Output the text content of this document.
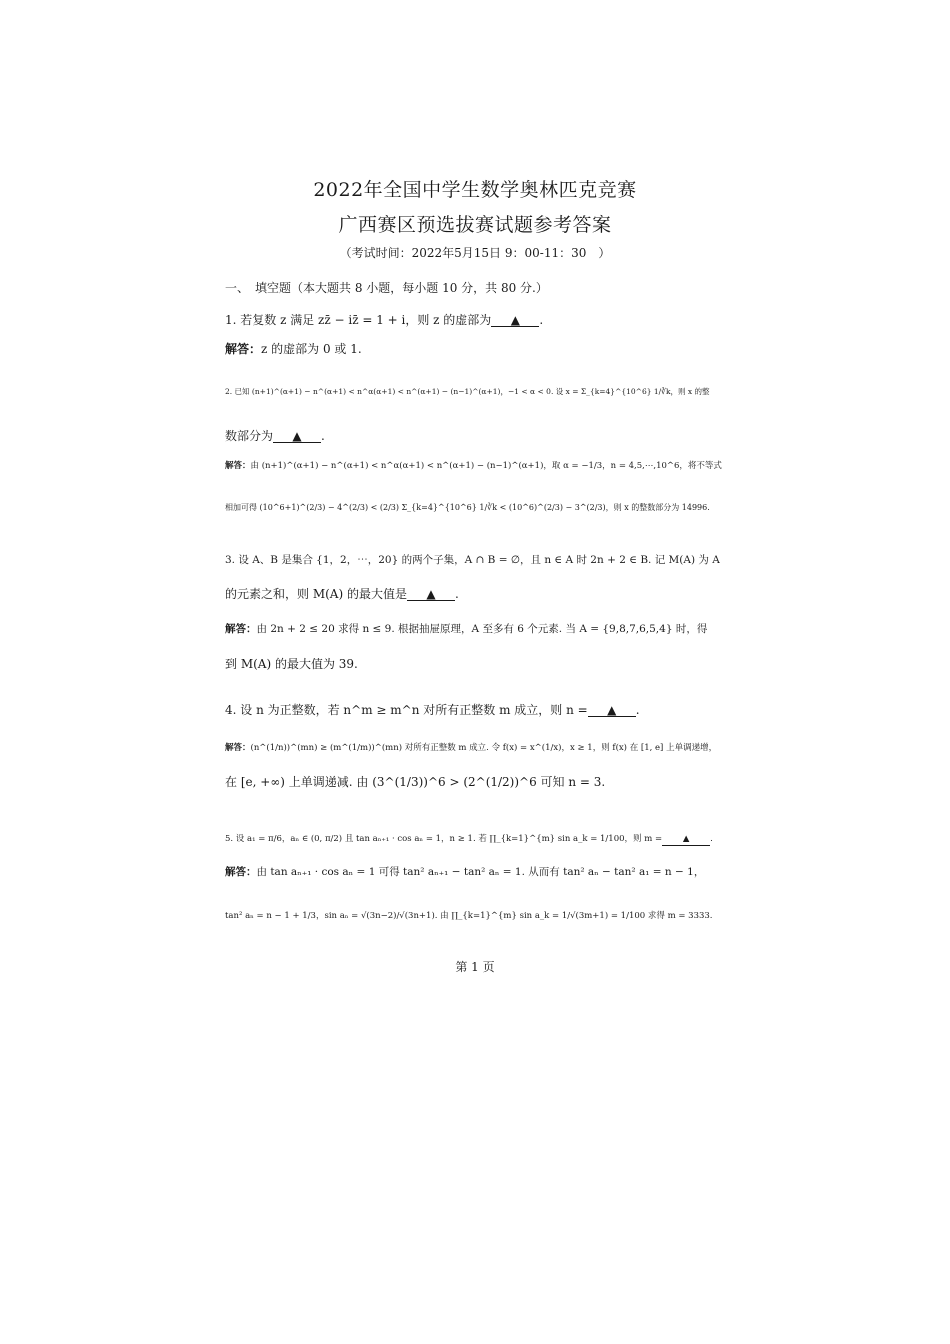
2022年全国中学生数学奥林匹克竞赛
广西赛区预选拔赛试题参考答案
（考试时间：2022年5月15日 9：00-11：30　）
一、　填空题（本大题共 8 小题，每小题 10 分，共 80 分.）
1. 若复数 z 满足 zz̄ − iz̄ = 1 + i，则 z 的虚部为 ▲ .
解答：z 的虚部为 0 或 1.
2. 已知 (n+1)^(α+1) − n^(α+1) < n^α(α+1) < n^(α+1) − (n−1)^(α+1)，−1 < α < 0. 设 x = Σ_{k=4}^{10^6} 1/∛k，则 x 的整
数部分为 ▲ .
解答：由 (n+1)^(α+1) − n^(α+1) < n^α(α+1) < n^(α+1) − (n−1)^(α+1)，取 α = −1/3，n = 4,5,⋯,10^6，将不等式
相加可得 (10^6+1)^(2/3) − 4^(2/3) < (2/3) Σ_{k=4}^{10^6} 1/∛k < (10^6)^(2/3) − 3^(2/3)，则 x 的整数部分为 14996.
3. 设 A、B 是集合 {1，2，⋯，20} 的两个子集，A ∩ B = ∅，且 n ∈ A 时 2n + 2 ∈ B. 记 M(A) 为 A
的元素之和，则 M(A) 的最大值是 ▲ .
解答：由 2n + 2 ≤ 20 求得 n ≤ 9. 根据抽屉原理，A 至多有 6 个元素. 当 A = {9,8,7,6,5,4} 时，得
到 M(A) 的最大值为 39.
4. 设 n 为正整数，若 n^m ≥ m^n 对所有正整数 m 成立，则 n = ▲ .
解答：(n^(1/n))^(mn) ≥ (m^(1/m))^(mn) 对所有正整数 m 成立. 令 f(x) = x^(1/x)，x ≥ 1，则 f(x) 在 [1, e] 上单调递增，
在 [e, +∞) 上单调递减. 由 (3^(1/3))^6 > (2^(1/2))^6 可知 n = 3.
5. 设 a₁ = π/6，aₙ ∈ (0, π/2) 且 tan aₙ₊₁ · cos aₙ = 1，n ≥ 1. 若 ∏_{k=1}^{m} sin a_k = 1/100，则 m = ▲ .
解答：由 tan aₙ₊₁ · cos aₙ = 1 可得 tan² aₙ₊₁ − tan² aₙ = 1. 从而有 tan² aₙ − tan² a₁ = n − 1，
tan² aₙ = n − 1 + 1/3，sin aₙ = √(3n−2)/√(3n+1). 由 ∏_{k=1}^{m} sin a_k = 1/√(3m+1) = 1/100 求得 m = 3333.
第 1 页
